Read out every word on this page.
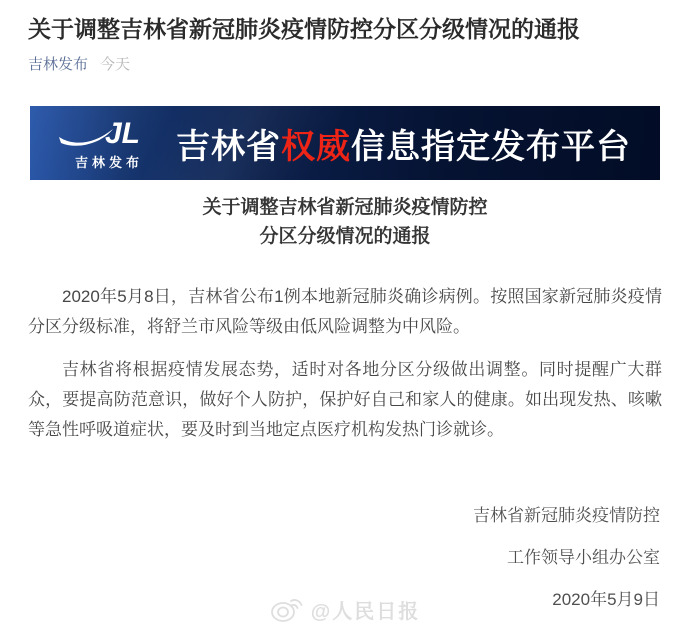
关于调整吉林省新冠肺炎疫情防控分区分级情况的通报
吉林发布 今天
JL
吉林发布 吉林省权威信息指定发布平台
关于调整吉林省新冠肺炎疫情防控
分区分级情况的通报

2020年5月8日，吉林省公布1例本地新冠肺炎确诊病例。按照国家新冠肺炎疫情分区分级标准，将舒兰市风险等级由低风险调整为中风险。

吉林省将根据疫情发展态势，适时对各地分区分级做出调整。同时提醒广大群众，要提高防范意识，做好个人防护，保护好自己和家人的健康。如出现发热、咳嗽等急性呼吸道症状，要及时到当地定点医疗机构发热门诊就诊。

吉林省新冠肺炎疫情防控
工作领导小组办公室
2020年5月9日
@人民日报
